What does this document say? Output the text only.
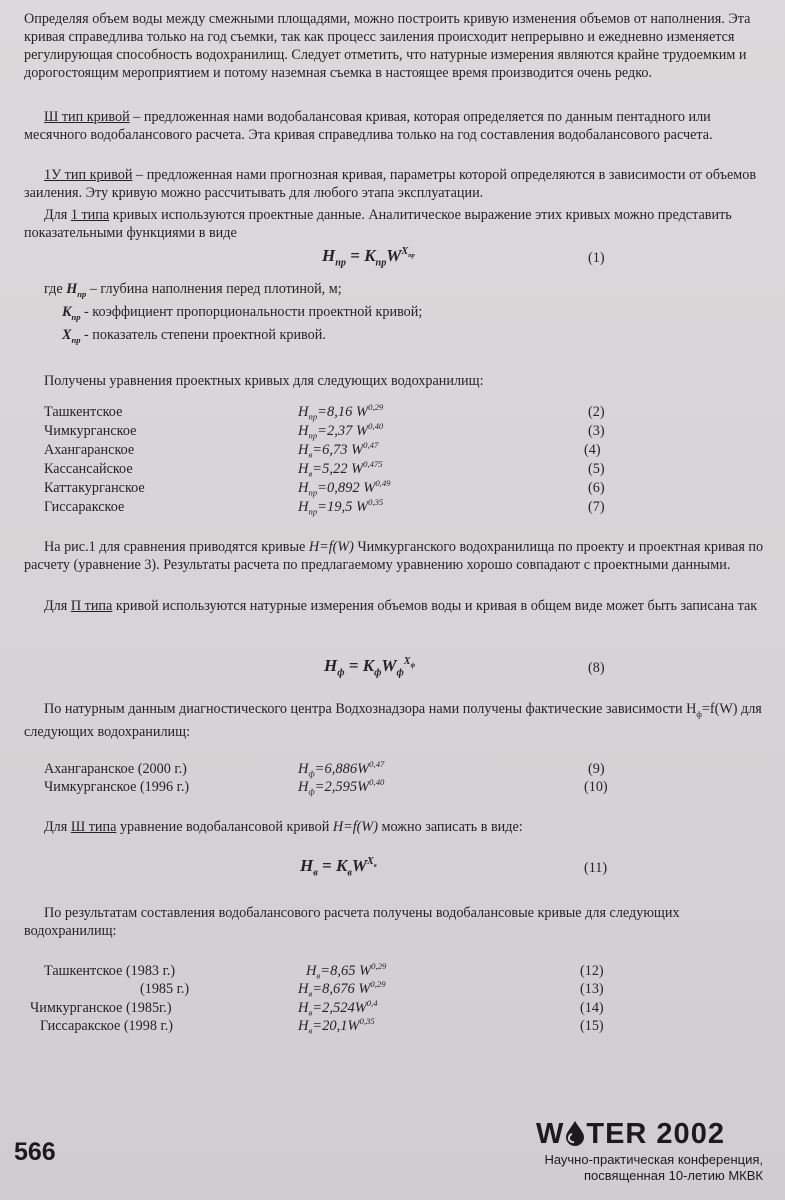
Определяя объем воды между смежными площадями, можно построить кривую изменения объемов от наполнения. Эта кривая справедлива только на год съемки, так как процесс заиления происходит непрерывно и ежедневно изменяется регулирующая способность водохранилищ. Следует отметить, что натурные измерения являются крайне трудоемким и дорогостоящим мероприятием и потому наземная съемка в настоящее время производится очень редко.
Ш тип кривой – предложенная нами водобалансовая кривая, которая определяется по данным пентадного или месячного водобалансового расчета. Эта кривая справедлива только на год составления водобалансового расчета.
1У тип кривой – предложенная нами прогнозная кривая, параметры которой определяются в зависимости от объемов заиления. Эту кривую можно рассчитывать для любого этапа эксплуатации.
Для 1 типа кривых используются проектные данные. Аналитическое выражение этих кривых можно представить показательными функциями в виде
$H_{пр} = K_{пр}W^{X_{пр}}$	(1)
где $H_{пр}$ – глубина наполнения перед плотиной, м;
$K_{пр}$ - коэффициент пропорциональности проектной кривой;
$X_{пр}$ - показатель степени проектной кривой.
Получены уравнения проектных кривых для следующих водохранилищ:
Ташкентское	$H_{пр}=8,16$ W$^{0,29}$	(2)
Чимкурганское	$H_{пр}=2,37$ W$^{0,40}$	(3)
Ахангаранское	$H_в=6,73$ W$^{0,47}$	(4)
Кассансайское	$H_в=5,22$ W$^{0,475}$	(5)
Каттакурганское	$H_{пр}=0,892$ W$^{0,49}$	(6)
Гиссаракское	$H_{пр}=19,5$ W$^{0,35}$	(7)
На рис.1 для сравнения приводятся кривые H=f(W) Чимкурганского водохранилища по проекту и проектная кривая по расчету (уравнение 3). Результаты расчета по предлагаемому уравнению хорошо совпадают с проектными данными.
Для П типа кривой используются натурные измерения объемов воды и кривая в общем виде может быть записана так
$H_ф = K_фW_ф^{X_ф}$	(8)
По натурным данным диагностического центра Водхознадзора нами получены фактические зависимости $H_ф=f(W)$ для следующих водохранилищ:
Ахангаранское (2000 г.)	$H_ф=6,886W^{0,47}$	(9)
Чимкурганское (1996 г.)	$H_ф=2,595W^{0,40}$	(10)
Для Ш типа уравнение водобалансовой кривой H=f(W) можно записать в виде:
$H_в = K_вW^{X_в}$	(11)
По результатам составления водобалансового расчета получены водобалансовые кривые для следующих водохранилищ:
Ташкентское (1983 г.)	$H_в=8,65$ W$^{0,29}$	(12)
(1985 г.)	$H_в=8,676$ W$^{0,29}$	(13)
Чимкурганское (1985г.)	$H_в=2,524W^{0,4}$	(14)
Гиссаракское (1998 г.)	$H_в=20,1W^{0,35}$	(15)
566
W TER 2002
Научно-практическая конференция,
посвященная 10-летию МКВК
